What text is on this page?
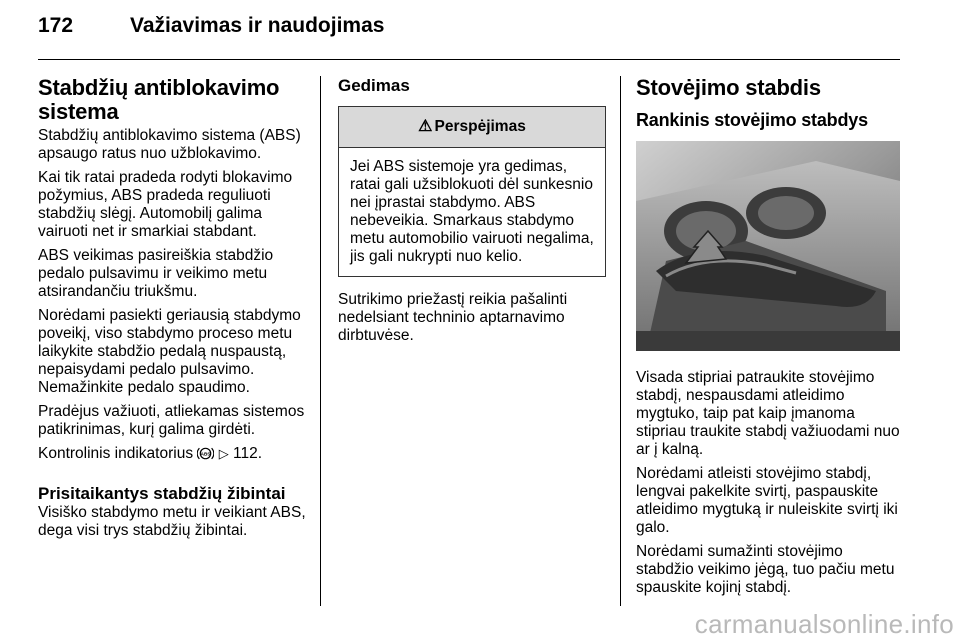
172	Važiavimas ir naudojimas
Stabdžių antiblokavimo sistema

Stabdžių antiblokavimo sistema (ABS) apsaugo ratus nuo užblokavimo.

Kai tik ratai pradeda rodyti blokavimo požymius, ABS pradeda reguliuoti stabdžių slėgį. Automobilį galima vairuoti net ir smarkiai stabdant.

ABS veikimas pasireiškia stabdžio pedalo pulsavimu ir veikimo metu atsirandančiu triukšmu.

Norėdami pasiekti geriausią stabdymo poveikį, viso stabdymo proceso metu laikykite stabdžio pedalą nuspaustą, nepaisydami pedalo pulsavimo. Nemažinkite pedalo spaudimo.

Pradėjus važiuoti, atliekamas sistemos patikrinimas, kurį galima girdėti.

Kontrolinis indikatorius ABS ▷ 112.

Prisitaikantys stabdžių žibintai

Visiško stabdymo metu ir veikiant ABS, dega visi trys stabdžių žibintai.

Gedimas
⚠ Perspėjimas
Jei ABS sistemoje yra gedimas, ratai gali užsiblokuoti dėl sunkesnio nei įprastai stabdymo. ABS nebeveikia. Smarkaus stabdymo metu automobilio vairuoti negalima, jis gali nukrypti nuo kelio.

Sutrikimo priežastį reikia pašalinti nedelsiant techninio aptarnavimo dirbtuvėse.

Stovėjimo stabdis
Rankinis stovėjimo stabdys

Visada stipriai patraukite stovėjimo stabdį, nespausdami atleidimo mygtuko, taip pat kaip įmanoma stipriau traukite stabdį važiuodami nuo ar į kalną.

Norėdami atleisti stovėjimo stabdį, lengvai pakelkite svirtį, paspauskite atleidimo mygtuką ir nuleiskite svirtį iki galo.

Norėdami sumažinti stovėjimo stabdžio veikimo jėgą, tuo pačiu metu spauskite kojinį stabdį.

carmanualsonline.info
